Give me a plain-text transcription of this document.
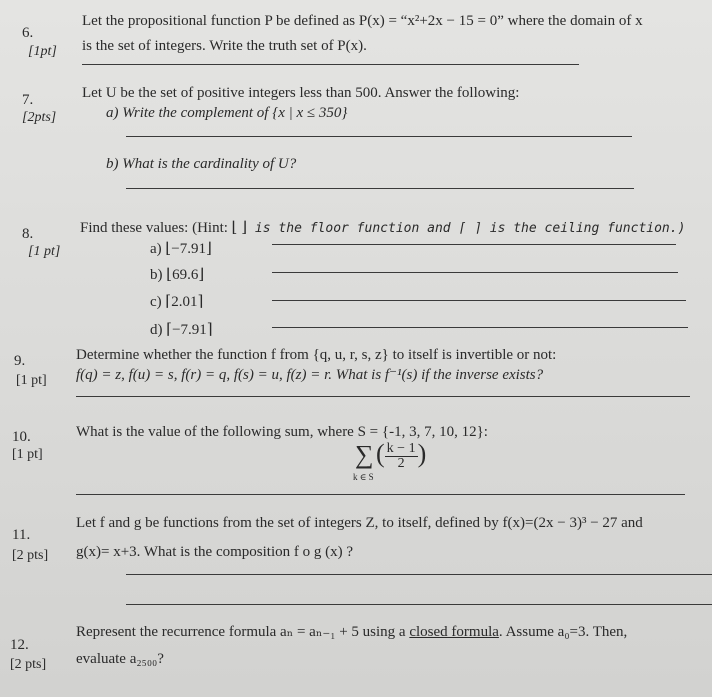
6.
[1pt]
Let the propositional function P be defined as P(x) = “x²+2x − 15 = 0” where the domain of x
is the set of integers. Write the truth set of P(x).
7.
[2pts]
Let U be the set of positive integers less than 500. Answer the following:
a) Write the complement of {x | x ≤ 350}
b) What is the cardinality of U?
8.
[1 pt]
Find these values: (Hint: ⌊ ⌋ is the floor function and ⌈ ⌉ is the ceiling function.)
a) ⌊−7.91⌋
b) ⌊69.6⌋
c) ⌈2.01⌉
d) ⌈−7.91⌉
9.
[1 pt]
Determine whether the function f from {q, u, r, s, z} to itself is invertible or not:
f(q) = z, f(u) = s, f(r) = q, f(s) = u, f(z) = r. What is f⁻¹(s) if the inverse exists?
10.
[1 pt]
What is the value of the following sum, where S = {-1, 3, 7, 10, 12}:
∑
k ∈ S
( $\frac{k - 1}{2}$ )
11.
[2 pts]
Let f and g be functions from the set of integers Z, to itself, defined by f(x)=(2x − 3)³ − 27 and
g(x)= x+3. What is the composition f o g (x) ?
12.
[2 pts]
Represent the recurrence formula aₙ = aₙ₋₁ + 5 using a closed formula. Assume a₀=3. Then,
evaluate a₂₅₀₀?
